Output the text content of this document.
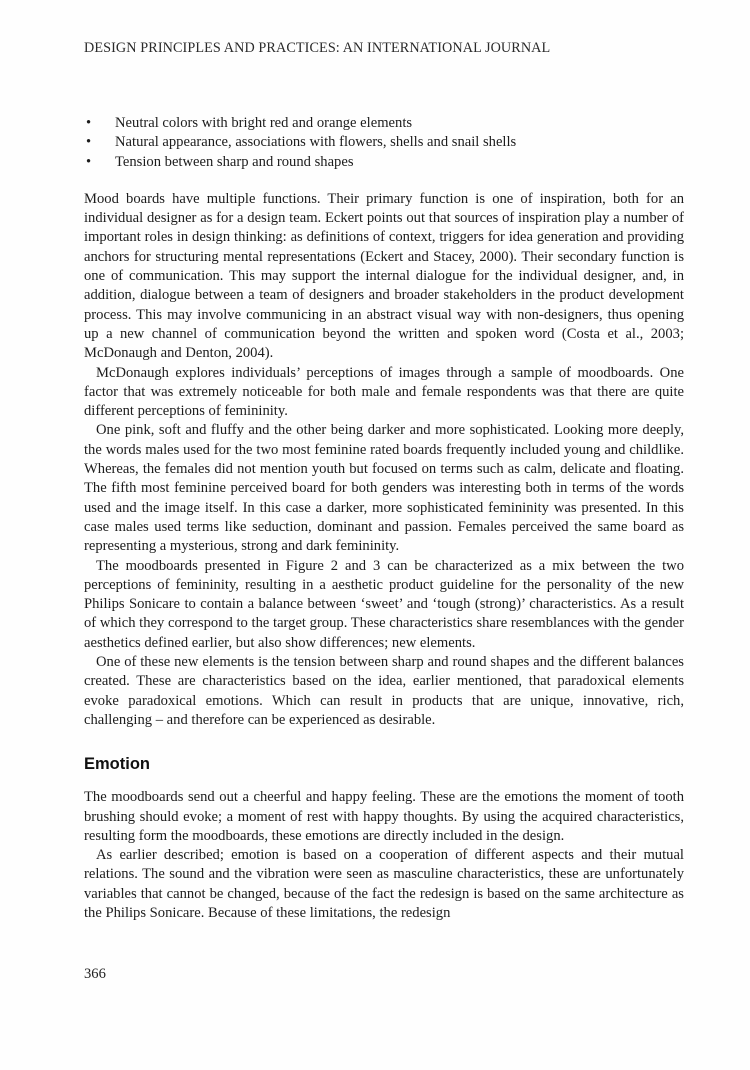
DESIGN PRINCIPLES AND PRACTICES: AN INTERNATIONAL JOURNAL
• Neutral colors with bright red and orange elements
• Natural appearance, associations with flowers, shells and snail shells
• Tension between sharp and round shapes

Mood boards have multiple functions. Their primary function is one of inspiration, both for an individual designer as for a design team. Eckert points out that sources of inspiration play a number of important roles in design thinking: as definitions of context, triggers for idea generation and providing anchors for structuring mental representations (Eckert and Stacey, 2000). Their secondary function is one of communication. This may support the internal dialogue for the individual designer, and, in addition, dialogue between a team of designers and broader stakeholders in the product development process. This may involve communicing in an abstract visual way with non-designers, thus opening up a new channel of communication beyond the written and spoken word (Costa et al., 2003; McDonaugh and Denton, 2004).

McDonaugh explores individuals’ perceptions of images through a sample of moodboards. One factor that was extremely noticeable for both male and female respondents was that there are quite different perceptions of femininity.

One pink, soft and fluffy and the other being darker and more sophisticated. Looking more deeply, the words males used for the two most feminine rated boards frequently included young and childlike. Whereas, the females did not mention youth but focused on terms such as calm, delicate and floating. The fifth most feminine perceived board for both genders was interesting both in terms of the words used and the image itself. In this case a darker, more sophisticated femininity was presented. In this case males used terms like seduction, dominant and passion. Females perceived the same board as representing a mysterious, strong and dark femininity.

The moodboards presented in Figure 2 and 3 can be characterized as a mix between the two perceptions of femininity, resulting in a aesthetic product guideline for the personality of the new Philips Sonicare to contain a balance between ‘sweet’ and ‘tough (strong)’ characteristics. As a result of which they correspond to the target group. These characteristics share resemblances with the gender aesthetics defined earlier, but also show differences; new elements.

One of these new elements is the tension between sharp and round shapes and the different balances created. These are characteristics based on the idea, earlier mentioned, that paradoxical elements evoke paradoxical emotions. Which can result in products that are unique, innovative, rich, challenging – and therefore can be experienced as desirable.

Emotion

The moodboards send out a cheerful and happy feeling. These are the emotions the moment of tooth brushing should evoke; a moment of rest with happy thoughts. By using the acquired characteristics, resulting form the moodboards, these emotions are directly included in the design.

As earlier described; emotion is based on a cooperation of different aspects and their mutual relations. The sound and the vibration were seen as masculine characteristics, these are unfortunately variables that cannot be changed, because of the fact the redesign is based on the same architecture as the Philips Sonicare. Because of these limitations, the redesign

366
